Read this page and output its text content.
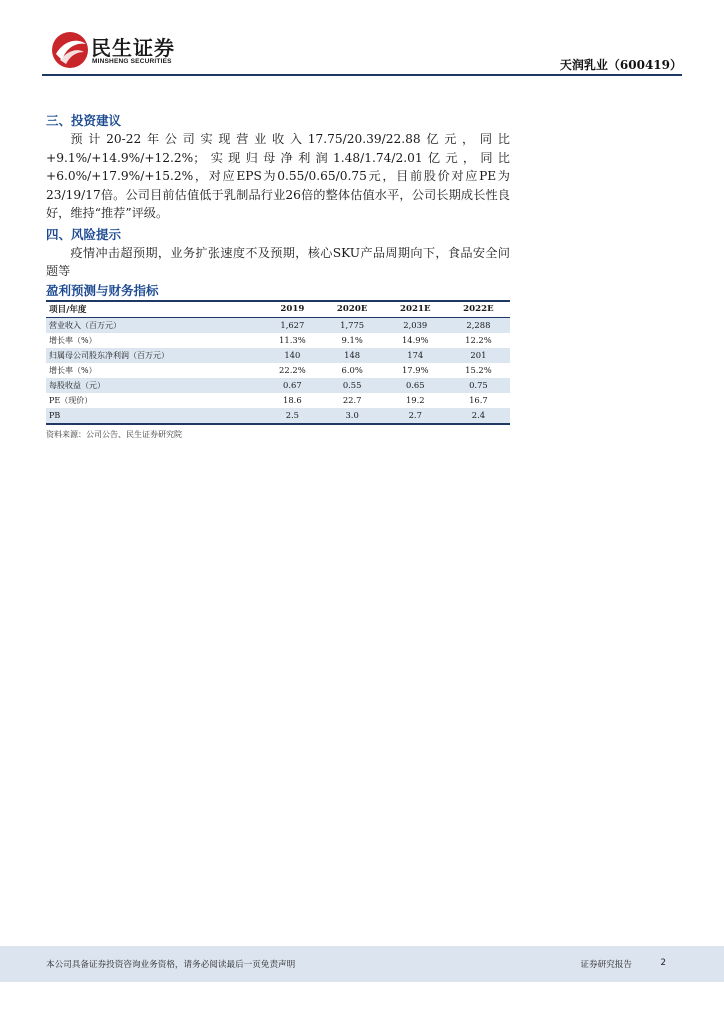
民生证券
MINSHENG SECURITIES	天润乳业（600419）
三、投资建议

预计20-22年公司实现营业收入17.75/20.39/22.88亿元，同比+9.1%/+14.9%/+12.2%；实现归母净利润1.48/1.74/2.01亿元，同比+6.0%/+17.9%/+15.2%，对应EPS为0.55/0.65/0.75元，目前股价对应PE为23/19/17倍。公司目前估值低于乳制品行业26倍的整体估值水平，公司长期成长性良好，维持“推荐”评级。

四、风险提示

疫情冲击超预期，业务扩张速度不及预期，核心SKU产品周期向下，食品安全问题等

盈利预测与财务指标
项目/年度	2019	2020E	2021E	2022E
营业收入（百万元）	1,627	1,775	2,039	2,288
增长率（%）	11.3%	9.1%	14.9%	12.2%
归属母公司股东净利润（百万元）	140	148	174	201
增长率（%）	22.2%	6.0%	17.9%	15.2%
每股收益（元）	0.67	0.55	0.65	0.75
PE（现价）	18.6	22.7	19.2	16.7
PB	2.5	3.0	2.7	2.4
资料来源：公司公告、民生证券研究院
本公司具备证券投资咨询业务资格，请务必阅读最后一页免责声明	证券研究报告	2
